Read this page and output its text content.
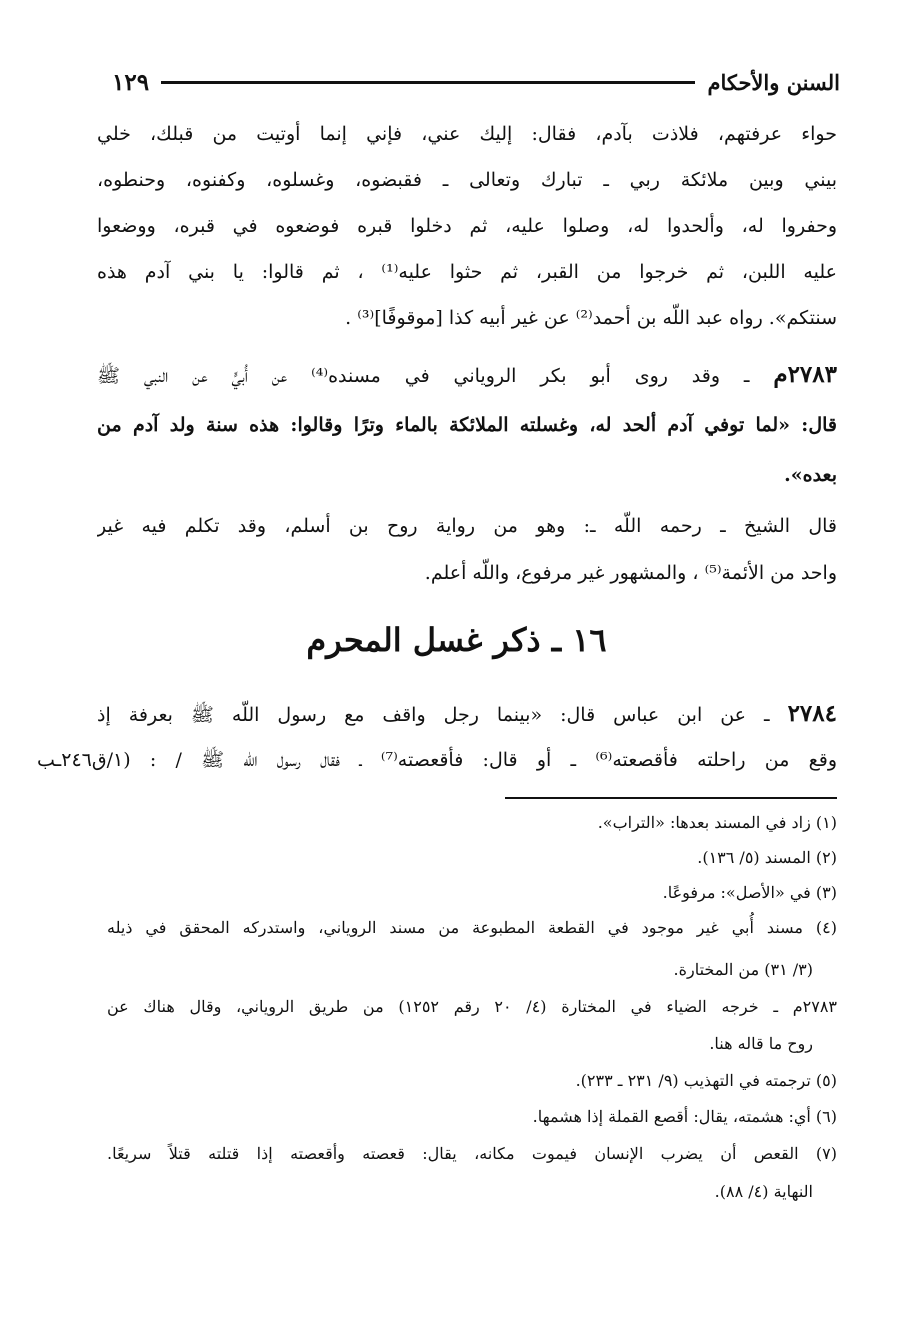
السنن والأحكام
١٢٩
حواء عرفتهم، فلاذت بآدم، فقال: إليك عني، فإني إنما أوتيت من قبلك، خلي
بيني وبين ملائكة ربي ـ تبارك وتعالى ـ فقبضوه، وغسلوه، وكفنوه، وحنطوه،
وحفروا له، وألحدوا له، وصلوا عليه، ثم دخلوا قبره فوضعوه في قبره، ووضعوا
عليه اللبن، ثم خرجوا من القبر، ثم حثوا عليه⁽¹⁾ ، ثم قالوا: يا بني آدم هذه
سنتكم». رواه عبد اللّه بن أحمد⁽²⁾ عن غير أبيه كذا [موقوفًا]⁽³⁾ .
٢٧٨٣م ـ وقد روى أبو بكر الروياني في مسنده⁽⁴⁾ عن أُبيٍّ عن النبي ﷺ
قال: «لما توفي آدم ألحد له، وغسلته الملائكة بالماء وترًا وقالوا: هذه سنة ولد آدم من
بعده».
قال الشيخ ـ رحمه اللّه ـ: وهو من رواية روح بن أسلم، وقد تكلم فيه غير
واحد من الأئمة⁽⁵⁾ ، والمشهور غير مرفوع، واللّه أعلم.
١٦ ـ ذكر غسل المحرم
٢٧٨٤ ـ عن ابن عباس قال: «بينما رجل واقف مع رسول اللّه ﷺ بعرفة إذ
وقع من راحلته فأقصعته⁽⁶⁾ ـ أو قال: فأقعصته⁽⁷⁾ ـ فقال رسول اللّه ﷺ / : (١/ق٢٤٦ـب
(١) زاد في المسند بعدها: «التراب».
(٢) المسند (٥/ ١٣٦).
(٣) في «الأصل»: مرفوعًا.
(٤) مسند أُبي غير موجود في القطعة المطبوعة من مسند الروياني، واستدركه المحقق في ذيله
(٣/ ٣١) من المختارة.
٢٧٨٣م ـ خرجه الضياء في المختارة (٤/ ٢٠ رقم ١٢٥٢) من طريق الروياني، وقال هناك عن
روح ما قاله هنا.
(٥) ترجمته في التهذيب (٩/ ٢٣١ ـ ٢٣٣).
(٦) أي: هشمته، يقال: أقصع القملة إذا هشمها.
(٧) القعص أن يضرب الإنسان فيموت مكانه، يقال: قعصته وأقعصته إذا قتلته قتلاً سريعًا.
النهاية (٤/ ٨٨).
